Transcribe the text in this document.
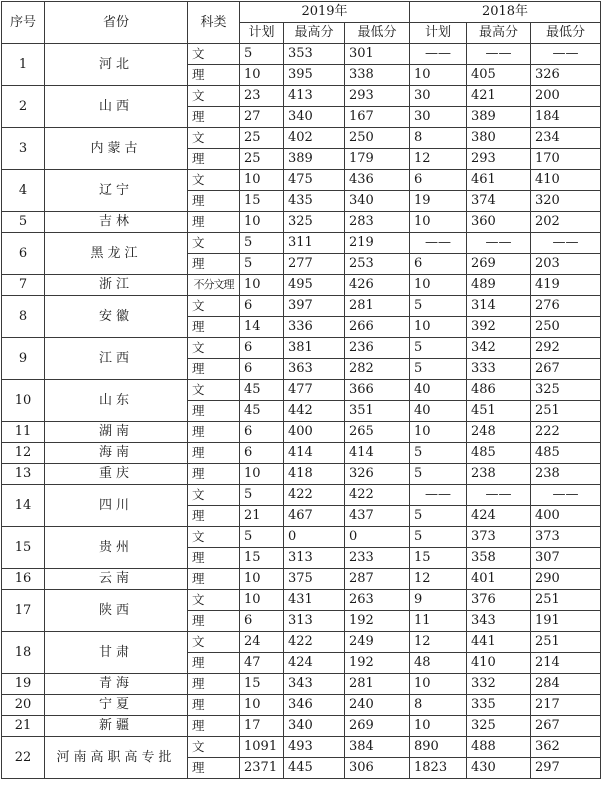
序号	省份	科类	2019年			2018年		
			计划	最高分	最低分	计划	最高分	最低分
1	河北	文	5	353	301	——	——	——
		理	10	395	338	10	405	326
2	山西	文	23	413	293	30	421	200
		理	27	340	167	30	389	184
3	内蒙古	文	25	402	250	8	380	234
		理	25	389	179	12	293	170
4	辽宁	文	10	475	436	6	461	410
		理	15	435	340	19	374	320
5	吉林	理	10	325	283	10	360	202
6	黑龙江	文	5	311	219	——	——	——
		理	5	277	253	6	269	203
7	浙江	不分文理	10	495	426	10	489	419
8	安徽	文	6	397	281	5	314	276
		理	14	336	266	10	392	250
9	江西	文	6	381	236	5	342	292
		理	6	363	282	5	333	267
10	山东	文	45	477	366	40	486	325
		理	45	442	351	40	451	251
11	湖南	理	6	400	265	10	248	222
12	海南	理	6	414	414	5	485	485
13	重庆	理	10	418	326	5	238	238
14	四川	文	5	422	422	——	——	——
		理	21	467	437	5	424	400
15	贵州	文	5	0	0	5	373	373
		理	15	313	233	15	358	307
16	云南	理	10	375	287	12	401	290
17	陕西	文	10	431	263	9	376	251
		理	6	313	192	11	343	191
18	甘肃	文	24	422	249	12	441	251
		理	47	424	192	48	410	214
19	青海	理	15	343	281	10	332	284
20	宁夏	理	10	346	240	8	335	217
21	新疆	理	17	340	269	10	325	267
22	河南高职高专批	文	1091	493	384	890	488	362
		理	2371	445	306	1823	430	297
